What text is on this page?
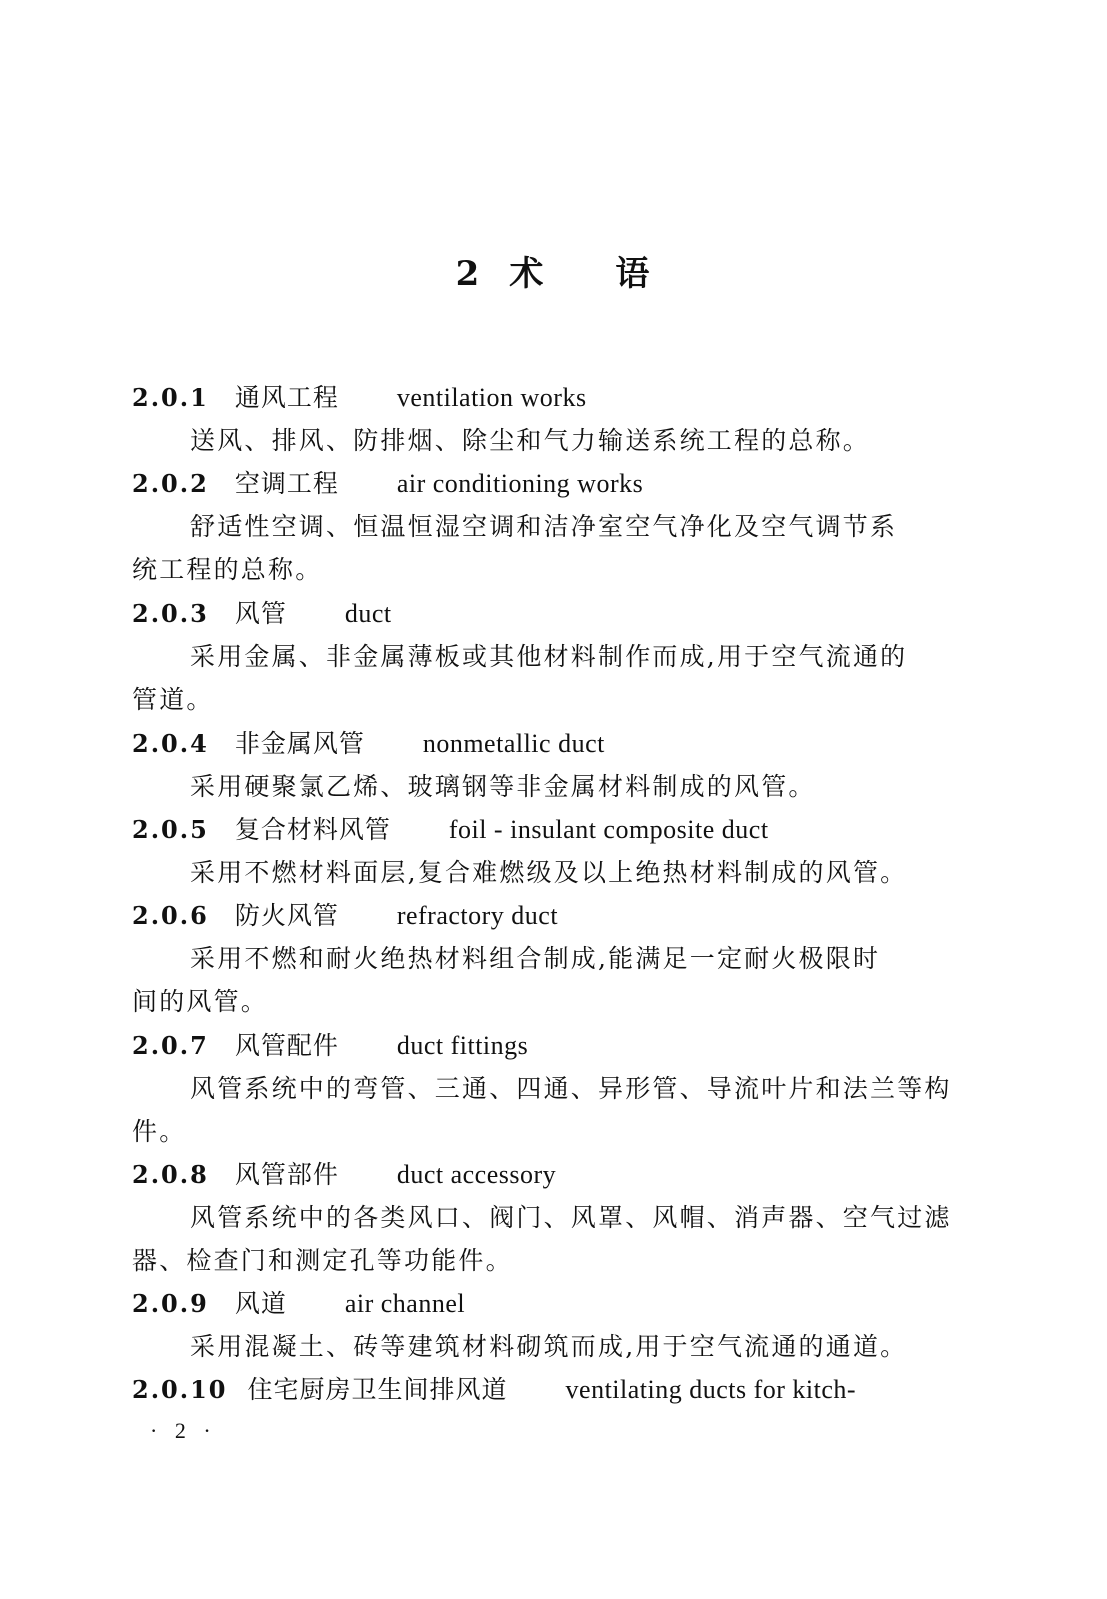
2 术 语
2.0.1 通风工程 ventilation works
送风、排风、防排烟、除尘和气力输送系统工程的总称。
2.0.2 空调工程 air conditioning works
舒适性空调、恒温恒湿空调和洁净室空气净化及空气调节系
统工程的总称。
2.0.3 风管 duct
采用金属、非金属薄板或其他材料制作而成,用于空气流通的
管道。
2.0.4 非金属风管 nonmetallic duct
采用硬聚氯乙烯、玻璃钢等非金属材料制成的风管。
2.0.5 复合材料风管 foil - insulant composite duct
采用不燃材料面层,复合难燃级及以上绝热材料制成的风管。
2.0.6 防火风管 refractory duct
采用不燃和耐火绝热材料组合制成,能满足一定耐火极限时
间的风管。
2.0.7 风管配件 duct fittings
风管系统中的弯管、三通、四通、异形管、导流叶片和法兰等构
件。
2.0.8 风管部件 duct accessory
风管系统中的各类风口、阀门、风罩、风帽、消声器、空气过滤
器、检查门和测定孔等功能件。
2.0.9 风道 air channel
采用混凝土、砖等建筑材料砌筑而成,用于空气流通的通道。
2.0.10 住宅厨房卫生间排风道 ventilating ducts for kitch-
· 2 ·
